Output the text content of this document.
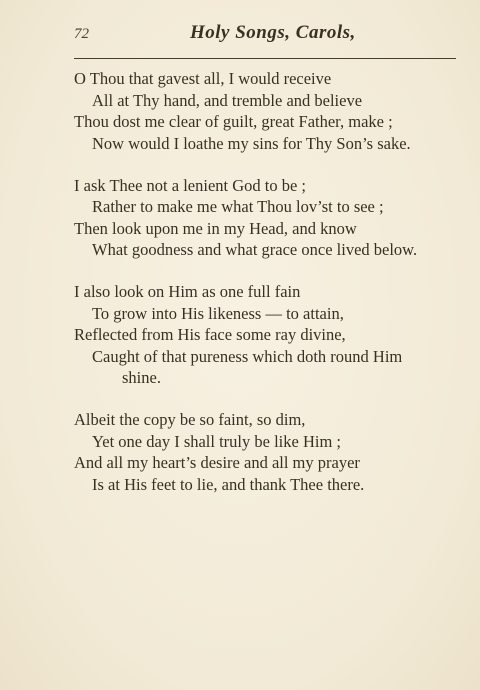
72	Holy Songs, Carols,
O Thou that gavest all, I would receive
All at Thy hand, and tremble and believe
Thou dost me clear of guilt, great Father, make ;
Now would I loathe my sins for Thy Son’s sake.
I ask Thee not a lenient God to be ;
Rather to make me what Thou lov’st to see ;
Then look upon me in my Head, and know
What goodness and what grace once lived below.
I also look on Him as one full fain
To grow into His likeness — to attain,
Reflected from His face some ray divine,
Caught of that pureness which doth round Him
shine.
Albeit the copy be so faint, so dim,
Yet one day I shall truly be like Him ;
And all my heart’s desire and all my prayer
Is at His feet to lie, and thank Thee there.
